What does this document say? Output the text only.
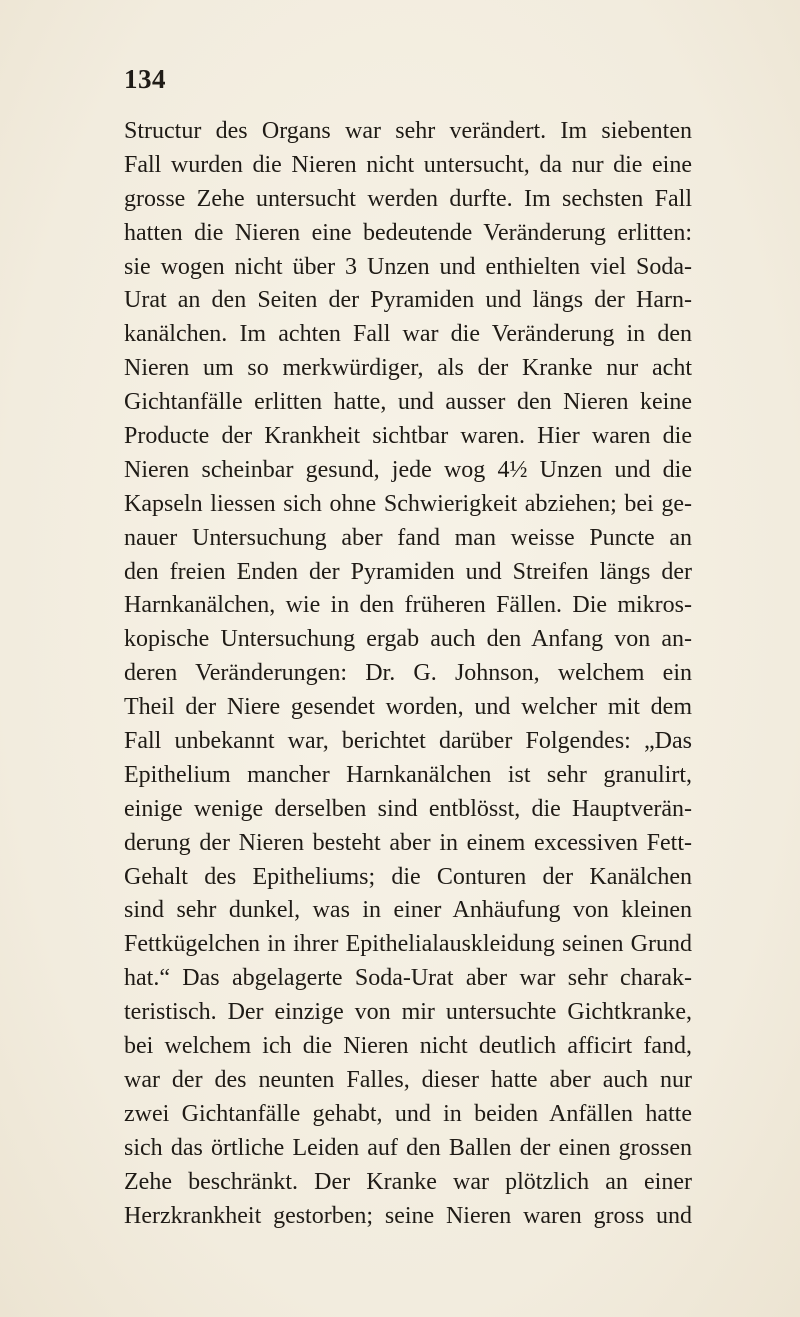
134
Structur des Organs war sehr verändert. Im siebenten
Fall wurden die Nieren nicht untersucht, da nur die eine
grosse Zehe untersucht werden durfte. Im sechsten Fall
hatten die Nieren eine bedeutende Veränderung erlitten:
sie wogen nicht über 3 Unzen und enthielten viel Soda-
Urat an den Seiten der Pyramiden und längs der Harn-
kanälchen. Im achten Fall war die Veränderung in den
Nieren um so merkwürdiger, als der Kranke nur acht
Gichtanfälle erlitten hatte, und ausser den Nieren keine
Producte der Krankheit sichtbar waren. Hier waren die
Nieren scheinbar gesund, jede wog 4½ Unzen und die
Kapseln liessen sich ohne Schwierigkeit abziehen; bei ge-
nauer Untersuchung aber fand man weisse Puncte an
den freien Enden der Pyramiden und Streifen längs der
Harnkanälchen, wie in den früheren Fällen. Die mikros-
kopische Untersuchung ergab auch den Anfang von an-
deren Veränderungen: Dr. G. Johnson, welchem ein
Theil der Niere gesendet worden, und welcher mit dem
Fall unbekannt war, berichtet darüber Folgendes: „Das
Epithelium mancher Harnkanälchen ist sehr granulirt,
einige wenige derselben sind entblösst, die Hauptverän-
derung der Nieren besteht aber in einem excessiven Fett-
Gehalt des Epitheliums; die Conturen der Kanälchen
sind sehr dunkel, was in einer Anhäufung von kleinen
Fettkügelchen in ihrer Epithelialauskleidung seinen Grund
hat.“ Das abgelagerte Soda-Urat aber war sehr charak-
teristisch. Der einzige von mir untersuchte Gichtkranke,
bei welchem ich die Nieren nicht deutlich afficirt fand,
war der des neunten Falles, dieser hatte aber auch nur
zwei Gichtanfälle gehabt, und in beiden Anfällen hatte
sich das örtliche Leiden auf den Ballen der einen grossen
Zehe beschränkt. Der Kranke war plötzlich an einer
Herzkrankheit gestorben; seine Nieren waren gross und
